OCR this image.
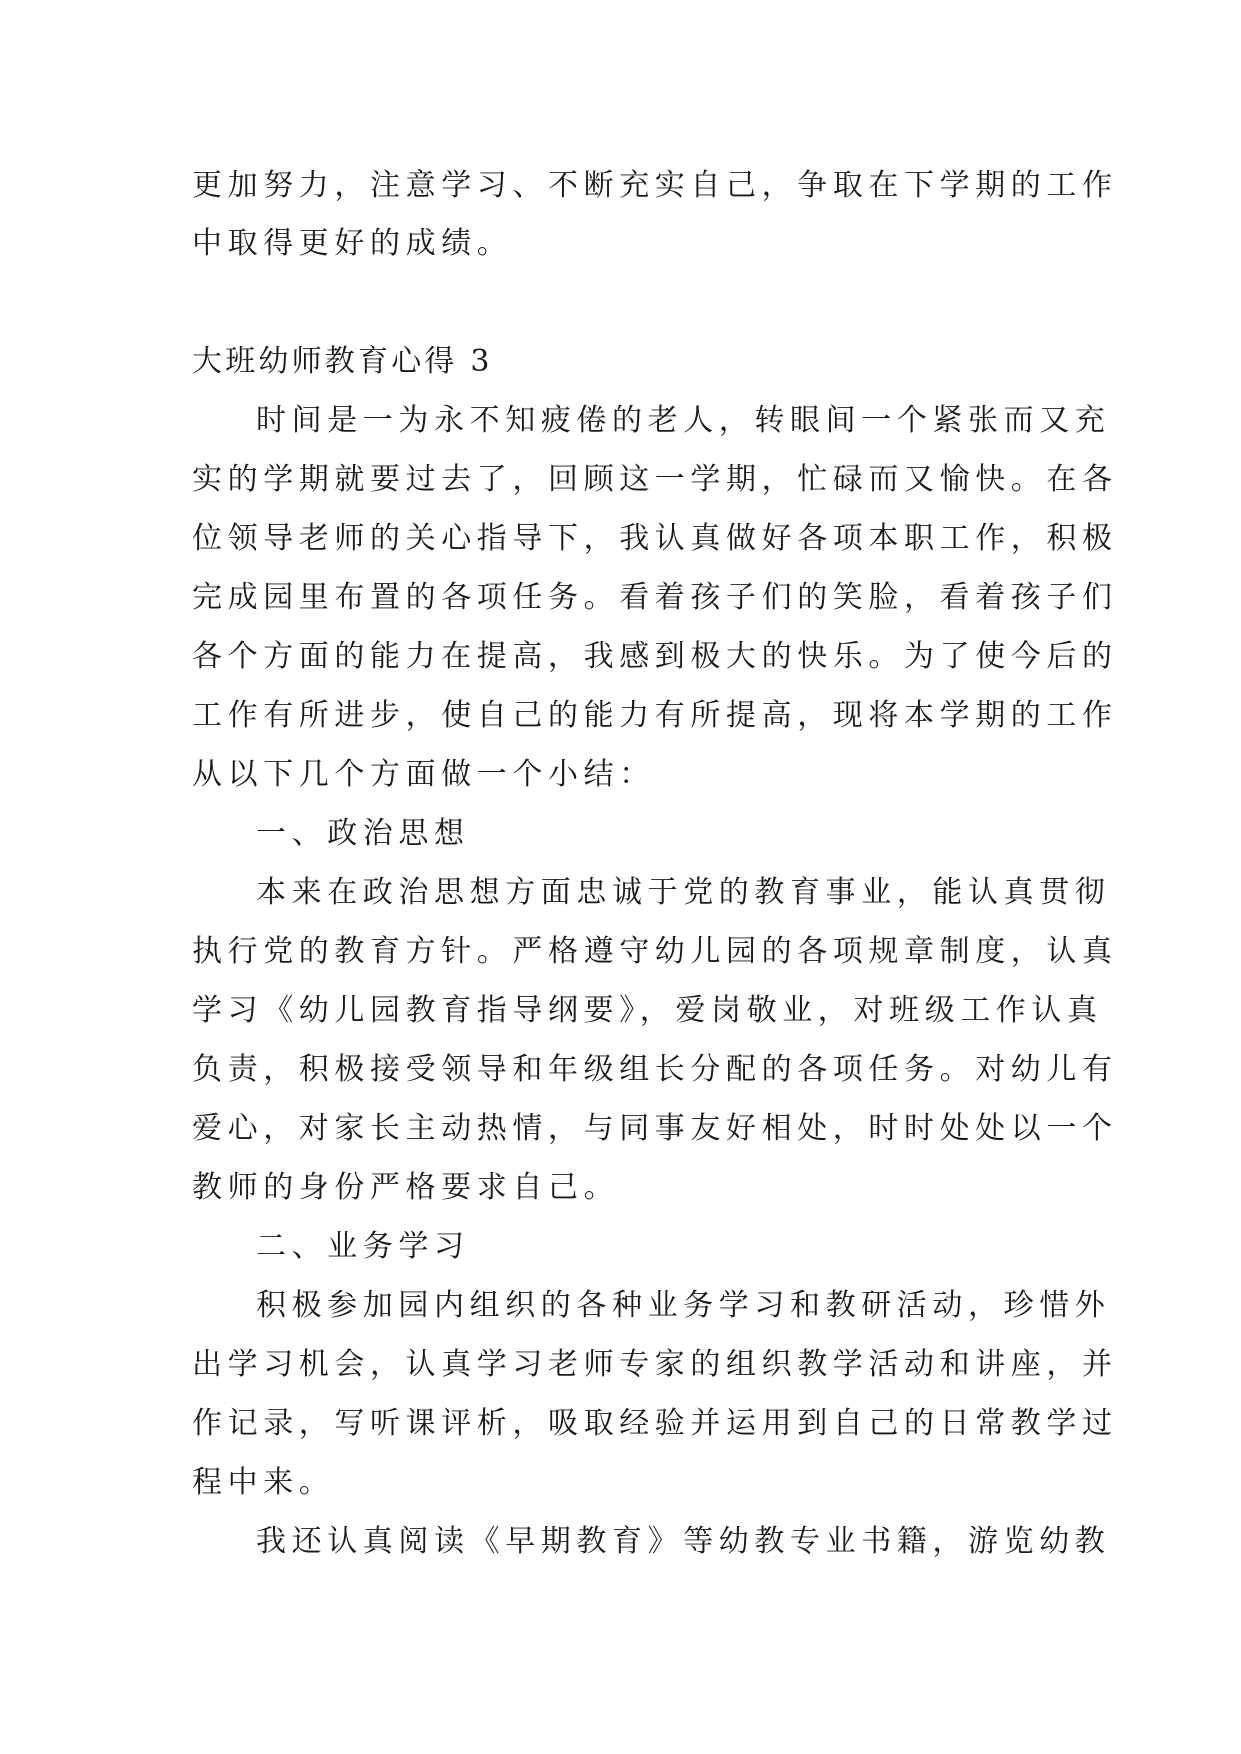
更加努力，注意学习、不断充实自己，争取在下学期的工作
中取得更好的成绩。
大班幼师教育心得 3
时间是一为永不知疲倦的老人，转眼间一个紧张而又充
实的学期就要过去了，回顾这一学期，忙碌而又愉快。在各
位领导老师的关心指导下，我认真做好各项本职工作，积极
完成园里布置的各项任务。看着孩子们的笑脸，看着孩子们
各个方面的能力在提高，我感到极大的快乐。为了使今后的
工作有所进步，使自己的能力有所提高，现将本学期的工作
从以下几个方面做一个小结：
一、政治思想
本来在政治思想方面忠诚于党的教育事业，能认真贯彻
执行党的教育方针。严格遵守幼儿园的各项规章制度，认真
学习《幼儿园教育指导纲要》，爱岗敬业，对班级工作认真
负责，积极接受领导和年级组长分配的各项任务。对幼儿有
爱心，对家长主动热情，与同事友好相处，时时处处以一个
教师的身份严格要求自己。
二、业务学习
积极参加园内组织的各种业务学习和教研活动，珍惜外
出学习机会，认真学习老师专家的组织教学活动和讲座，并
作记录，写听课评析，吸取经验并运用到自己的日常教学过
程中来。
我还认真阅读《早期教育》等幼教专业书籍，游览幼教
